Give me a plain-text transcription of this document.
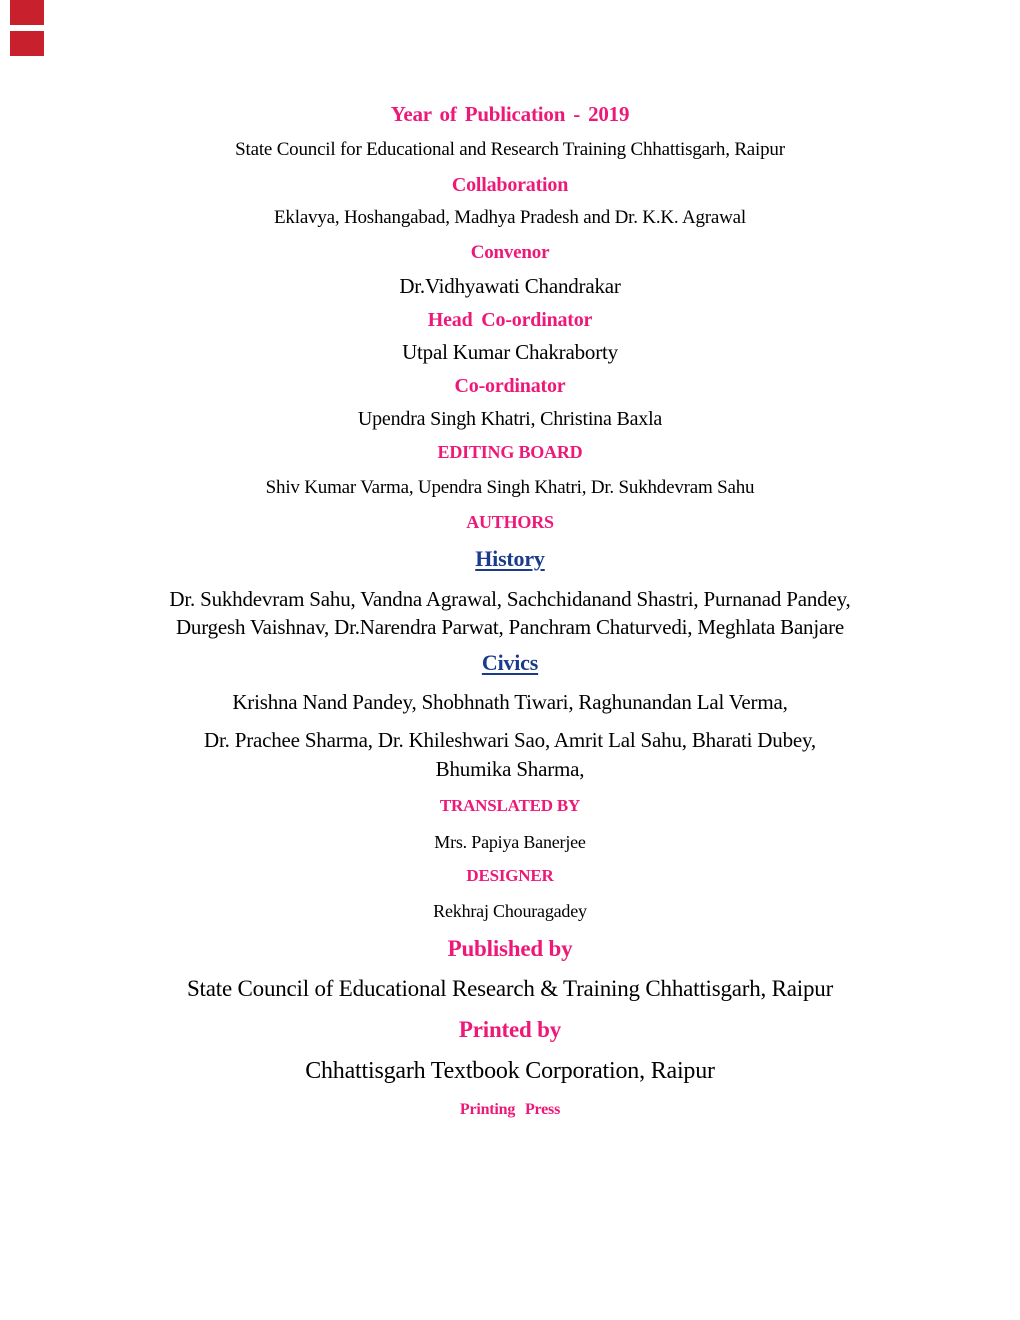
Year of Publication - 2019
State Council for Educational and Research Training Chhattisgarh, Raipur
Collaboration
Eklavya, Hoshangabad, Madhya Pradesh and Dr. K.K. Agrawal
Convenor
Dr.Vidhyawati Chandrakar
Head Co-ordinator
Utpal Kumar Chakraborty
Co-ordinator
Upendra Singh Khatri, Christina Baxla
EDITING BOARD
Shiv Kumar Varma, Upendra Singh Khatri, Dr. Sukhdevram Sahu
AUTHORS
History
Dr. Sukhdevram Sahu, Vandna Agrawal, Sachchidanand Shastri, Purnanad Pandey,
Durgesh Vaishnav, Dr.Narendra Parwat, Panchram Chaturvedi, Meghlata Banjare
Civics
Krishna Nand Pandey, Shobhnath Tiwari, Raghunandan Lal Verma,
Dr. Prachee Sharma, Dr. Khileshwari Sao, Amrit Lal Sahu, Bharati Dubey,
Bhumika Sharma,
TRANSLATED BY
Mrs. Papiya Banerjee
DESIGNER
Rekhraj Chouragadey
Published by
State Council of Educational Research & Training Chhattisgarh, Raipur
Printed by
Chhattisgarh Textbook Corporation, Raipur
Printing Press
